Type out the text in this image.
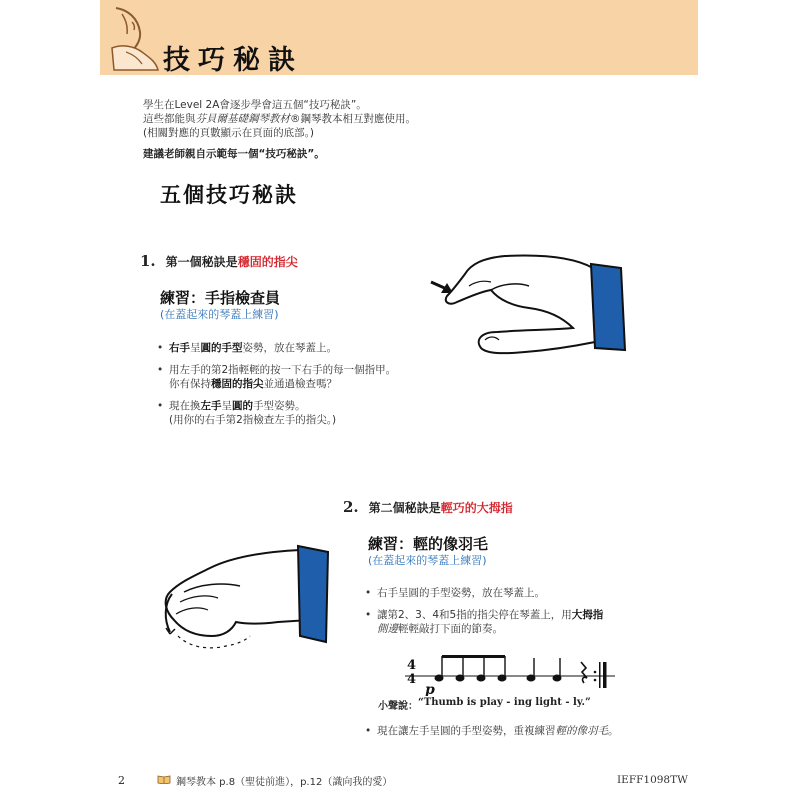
技巧秘訣

學生在Level 2A會逐步學會這五個“技巧秘訣”。

這些都能與芬貝爾基礎鋼琴教材®鋼琴教本相互對應使用。

(相關對應的頁數顯示在頁面的底部。)

建議老師親自示範每一個“技巧秘訣”。

五個技巧秘訣
1. 第一個秘訣是穩固的指尖
練習：手指檢查員
(在蓋起來的琴蓋上練習)
• 右手呈圓的手型姿勢，放在琴蓋上。
• 用左手的第2指輕輕的按一下右手的每一個指甲。
你有保持穩固的指尖並通過檢查嗎？
• 現在換左手呈圓的手型姿勢。
(用你的右手第2指檢查左手的指尖。)
2. 第二個秘訣是輕巧的大拇指
練習：輕的像羽毛
(在蓋起來的琴蓋上練習)
• 右手呈圓的手型姿勢，放在琴蓋上。
• 讓第2、3、4和5指的指尖停在琴蓋上，用大拇指
側邊輕輕敲打下面的節奏。
• 現在讓左手呈圓的手型姿勢，重複練習輕的像羽毛。
4
4
p
小聲說： “Thumb is play - ing light - ly.”
2	鋼琴教本 p.8（聖徒前進），p.12（識向我的愛）	IEFF1098TW
